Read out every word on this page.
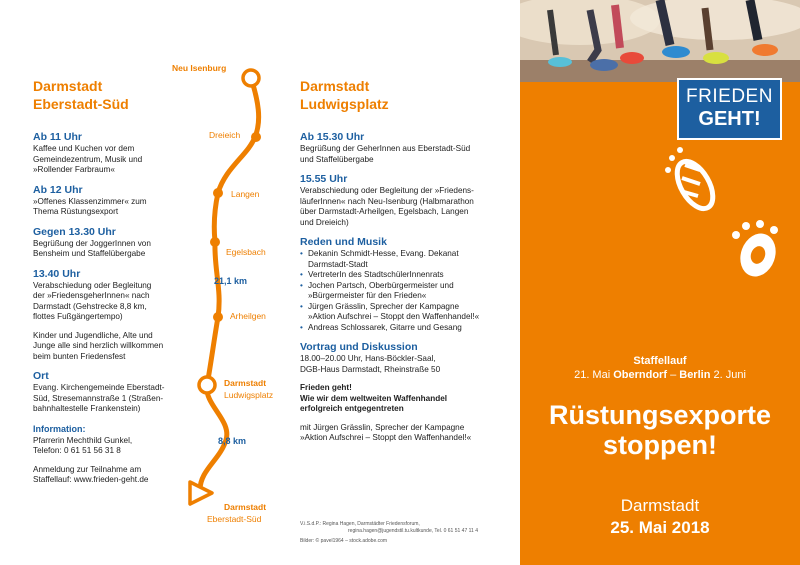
Darmstadt
Eberstadt-Süd
Ab 11 Uhr
Kaffee und Kuchen vor dem
Gemeindezentrum, Musik und
»Rollender Farbraum«
Ab 12 Uhr
»Offenes Klassenzimmer« zum
Thema Rüstungsexport
Gegen 13.30 Uhr
Begrüßung der JoggerInnen von
Bensheim und Staffelübergabe
13.40 Uhr
Verabschiedung oder Begleitung
der »FriedensgeherInnen« nach
Darmstadt (Gehstrecke 8,8 km,
flottes Fußgängertempo)
Kinder und Jugendliche, Alte und
Junge alle sind herzlich willkommen
beim bunten Friedensfest
Ort
Evang. Kirchengemeinde Eberstadt-
Süd, Stresemannstraße 1 (Straßen-
bahnhaltestelle Frankenstein)
Information:
Pfarrerin Mechthild Gunkel,
Telefon: 0 61 51 56 31 8
Anmeldung zur Teilnahme am
Staffellauf: www.frieden-geht.de
Neu Isenburg
Dreieich
Langen
Egelsbach
21,1 km
Arheilgen
Darmstadt
Ludwigsplatz
8,8 km
Darmstadt
Eberstadt-Süd
Darmstadt
Ludwigsplatz
Ab 15.30 Uhr
Begrüßung der GeherInnen aus Eberstadt-Süd
und Staffelübergabe
15.55 Uhr
Verabschiedung oder Begleitung der »Friedens-
läuferInnen« nach Neu-Isenburg (Halbmarathon
über Darmstadt-Arheilgen, Egelsbach, Langen
und Dreieich)
Reden und Musik
• Dekanin Schmidt-Hesse, Evang. Dekanat
Darmstadt-Stadt
• VertreterIn des StadtschülerInnenrats
• Jochen Partsch, Oberbürgermeister und
»Bürgermeister für den Frieden«
• Jürgen Grässlin, Sprecher der Kampagne
»Aktion Aufschrei – Stoppt den Waffenhandel!«
• Andreas Schlossarek, Gitarre und Gesang
Vortrag und Diskussion
18.00–20.00 Uhr, Hans-Böckler-Saal,
DGB-Haus Darmstadt, Rheinstraße 50
Frieden geht!
Wie wir dem weltweiten Waffenhandel
erfolgreich entgegentreten
mit Jürgen Grässlin, Sprecher der Kampagne
»Aktion Aufschrei – Stoppt den Waffenhandel!«
V.i.S.d.P.: Regina Hagen, Darmstädter Friedensforum,
regina.hagen@jugendstil.tu.kultkunde, Tel. 0 61 51 47 11 4
Bilder: © pavel1964 – stock.adobe.com
FRIEDEN
GEHT!
Staffellauf
21. Mai Oberndorf – Berlin 2. Juni
Rüstungsexporte
stoppen!
Darmstadt
25. Mai 2018
